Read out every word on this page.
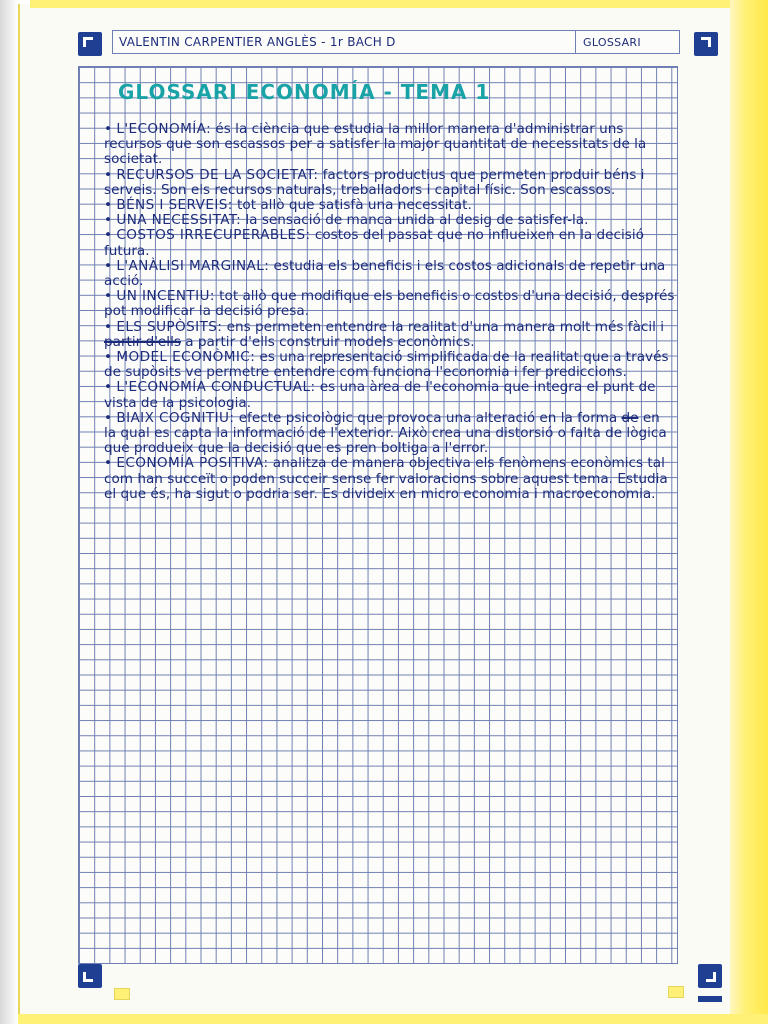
VALENTIN CARPENTIER ANGLÈS - 1r BACH D	GLOSSARI
GLOSSARI ECONOMÍA - TEMA 1

• L'ECONOMÍA: és la ciència que estudia la millor manera d'administrar uns recursos que son escassos per a satisfer la major quantitat de necessitats de la societat.

• RECURSOS DE LA SOCIETAT: factors productius que permeten produir béns i serveis. Son els recursos naturals, treballadors i capital físic. Son escassos.

• BÉNS I SERVEIS: tot allò que satisfà una necessitat.

• UNA NECESSITAT: la sensació de manca unida al desig de satisfer-la.

• COSTOS IRRECUPERABLES: costos del passat que no influeixen en la decisió futura.

• L'ANÀLISI MARGINAL: estudia els beneficis i els costos adicionals de repetir una acció.

• UN INCENTIU: tot allò que modifique els beneficis o costos d'una decisió, després pot modificar la decisió presa.

• ELS SUPÒSITS: ens permeten entendre la realitat d'una manera molt més fàcil i partir d'ells a partir d'ells construir models econòmics.

• MODEL ECONÒMIC: es una representació simplificada de la realitat que a través de supòsits ve permetre entendre com funciona l'economia i fer prediccions.

• L'ECONOMÍA CONDUCTUAL: es una àrea de l'economia que integra el punt de vista de la psicologia.

• BIAIX COGNITIU: efecte psicològic que provoca una alteració en la forma de en la qual es capta la informació de l'exterior. Això crea una distorsió o falta de lògica que produeix que la decisió que es pren boltiga a l'error.

• ECONOMÍA POSITIVA: analitza de manera objectiva els fenòmens econòmics tal com han succeït o poden succeir sense fer valoracions sobre aquest tema. Estudia el que és, ha sigut o podria ser. Es divideix en micro economia i macroeconomia.
